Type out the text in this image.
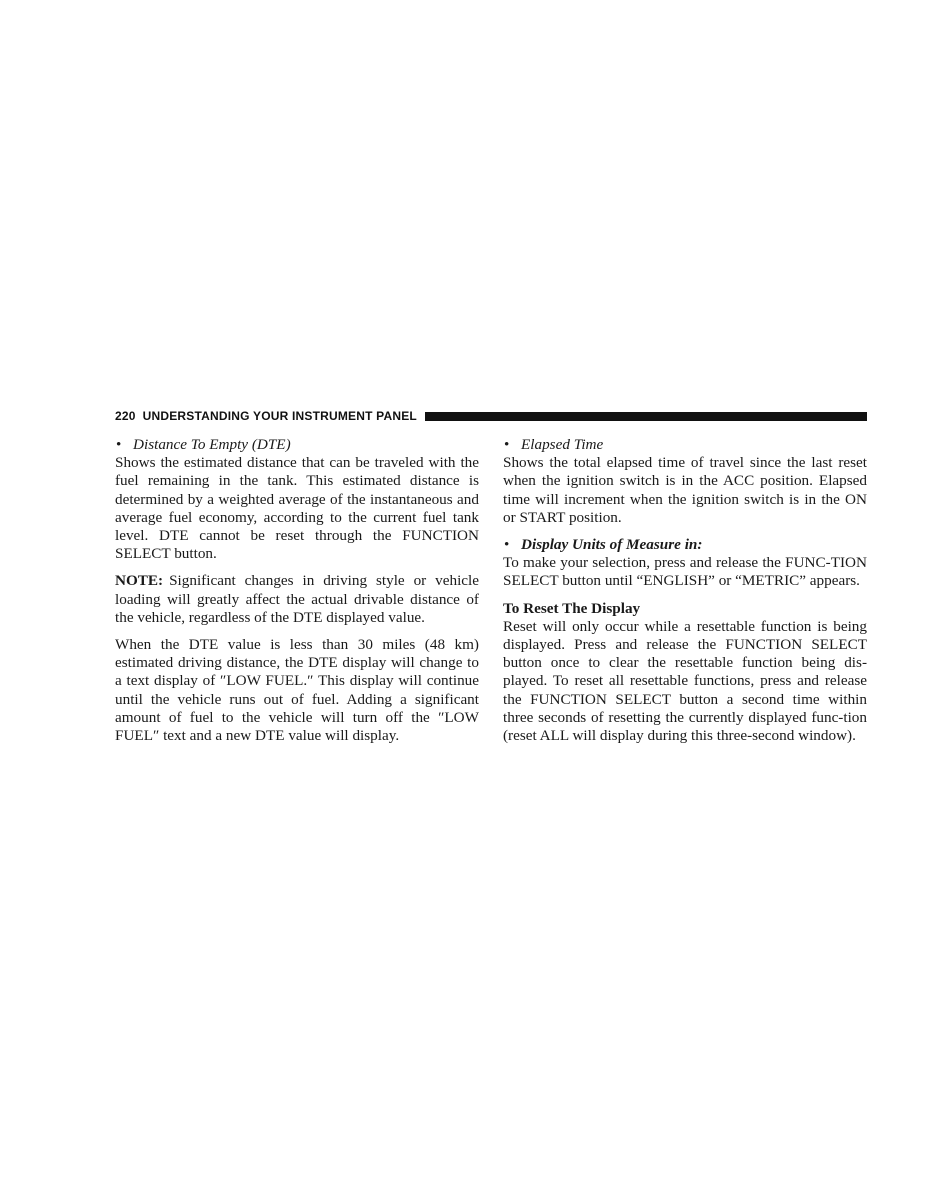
220 UNDERSTANDING YOUR INSTRUMENT PANEL

• Distance To Empty (DTE)

Shows the estimated distance that can be traveled with the fuel remaining in the tank. This estimated distance is determined by a weighted average of the instantaneous and average fuel economy, according to the current fuel tank level. DTE cannot be reset through the FUNCTION SELECT button.

NOTE: Significant changes in driving style or vehicle loading will greatly affect the actual drivable distance of the vehicle, regardless of the DTE displayed value.

When the DTE value is less than 30 miles (48 km) estimated driving distance, the DTE display will change to a text display of ″LOW FUEL.″ This display will continue until the vehicle runs out of fuel. Adding a significant amount of fuel to the vehicle will turn off the ″LOW FUEL″ text and a new DTE value will display.

• Elapsed Time

Shows the total elapsed time of travel since the last reset when the ignition switch is in the ACC position. Elapsed time will increment when the ignition switch is in the ON or START position.

• Display Units of Measure in:

To make your selection, press and release the FUNC-TION SELECT button until “ENGLISH” or “METRIC” appears.

To Reset The Display

Reset will only occur while a resettable function is being displayed. Press and release the FUNCTION SELECT button once to clear the resettable function being dis-played. To reset all resettable functions, press and release the FUNCTION SELECT button a second time within three seconds of resetting the currently displayed func-tion (reset ALL will display during this three-second window).
